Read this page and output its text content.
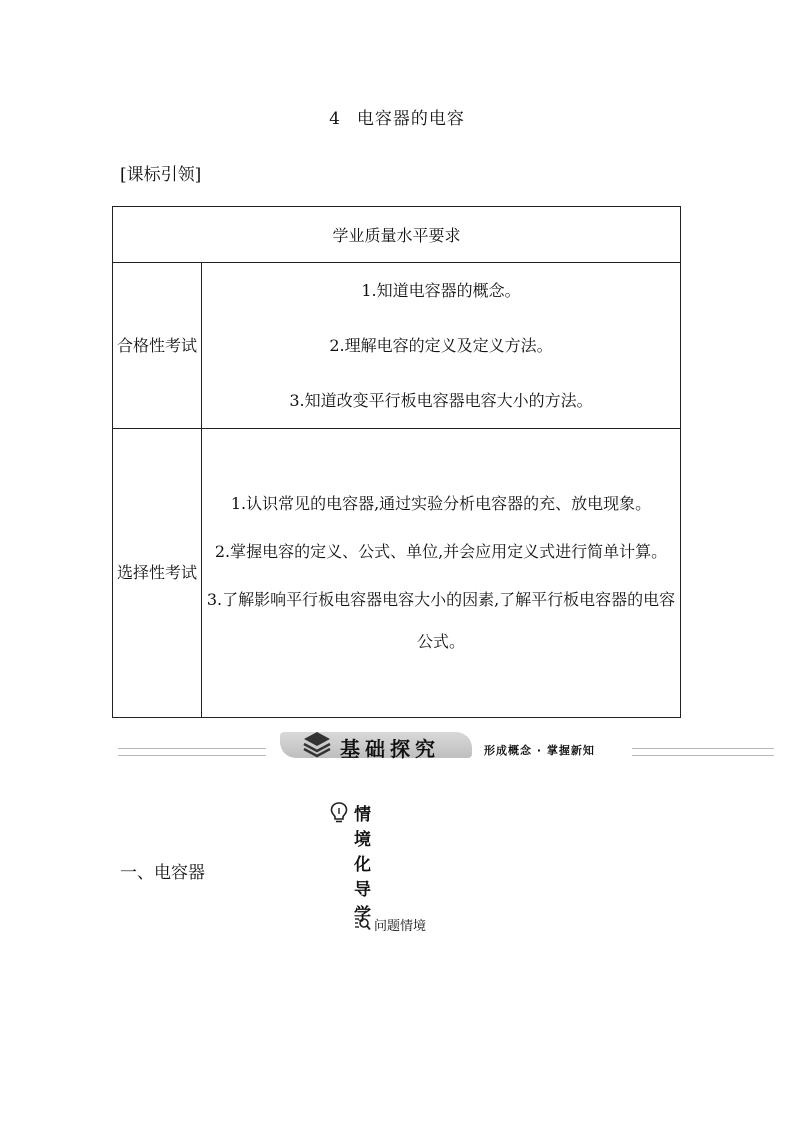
4 电容器的电容
[课标引领]
学业质量水平要求	

合格性考试	1.知道电容器的概念。
2.理解电容的定义及定义方法。
3.知道改变平行板电容器电容大小的方法。

选择性考试	1.认识常见的电容器,通过实验分析电容器的充、放电现象。
2.掌握电容的定义、公式、单位,并会应用定义式进行简单计算。
3.了解影响平行板电容器电容大小的因素,了解平行板电容器的电容公式。
基础探究	形成概念 · 掌握新知
情境化导学
一、电容器
问题情境
